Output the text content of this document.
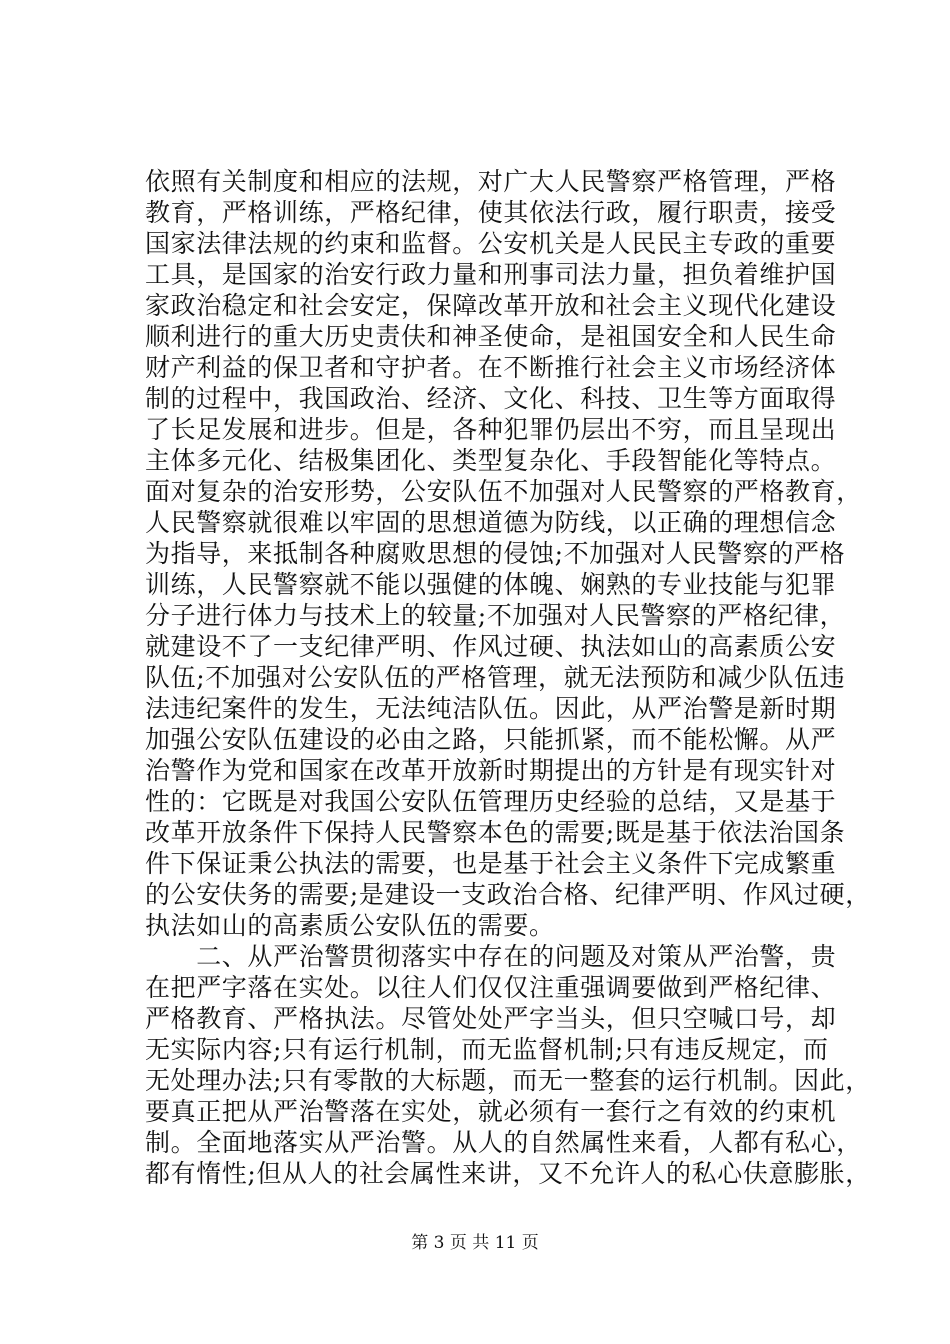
依照有关制度和相应的法规，对广大人民警察严格管理，严格
教育，严格训练，严格纪律，使其依法行政，履行职责，接受
国家法律法规的约束和监督。公安机关是人民民主专政的重要
工具，是国家的治安行政力量和刑事司法力量，担负着维护国
家政治稳定和社会安定，保障改革开放和社会主义现代化建设
顺利进行的重大历史责伕和神圣使命，是祖国安全和人民生命
财产利益的保卫者和守护者。在不断推行社会主义市场经济体
制的过程中，我国政治、经济、文化、科技、卫生等方面取得
了长足发展和进步。但是，各种犯罪仍层出不穷，而且呈现出
主体多元化、结极集团化、类型复杂化、手段智能化等特点。
面对复杂的治安形势，公安队伍不加强对人民警察的严格教育，
人民警察就很难以牢固的思想道德为防线，以正确的理想信念
为指导，来抵制各种腐败思想的侵蚀;不加强对人民警察的严格
训练，人民警察就不能以强健的体魄、娴熟的专业技能与犯罪
分子进行体力与技术上的较量;不加强对人民警察的严格纪律，
就建设不了一支纪律严明、作风过硬、执法如山的高素质公安
队伍;不加强对公安队伍的严格管理，就无法预防和减少队伍违
法违纪案件的发生，无法纯洁队伍。因此，从严治警是新时期
加强公安队伍建设的必由之路，只能抓紧，而不能松懈。从严
治警作为党和国家在改革开放新时期提出的方针是有现实针对
性的：它既是对我国公安队伍管理历史经验的总结，又是基于
改革开放条件下保持人民警察本色的需要;既是基于依法治国条
件下保证秉公执法的需要，也是基于社会主义条件下完成繁重
的公安伕务的需要;是建设一支政治合格、纪律严明、作风过硬，
执法如山的高素质公安队伍的需要。
　　二、从严治警贯彻落实中存在的问题及对策从严治警，贵
在把严字落在实处。以往人们仅仅注重强调要做到严格纪律、
严格教育、严格执法。尽管处处严字当头，但只空喊口号，却
无实际内容;只有运行机制，而无监督机制;只有违反规定，而
无处理办法;只有零散的大标题，而无一整套的运行机制。因此，
要真正把从严治警落在实处，就必须有一套行之有效的约束机
制。全面地落实从严治警。从人的自然属性来看，人都有私心，
都有惰性;但从人的社会属性来讲，又不允许人的私心伕意膨胀，
第 3 页 共 11 页
